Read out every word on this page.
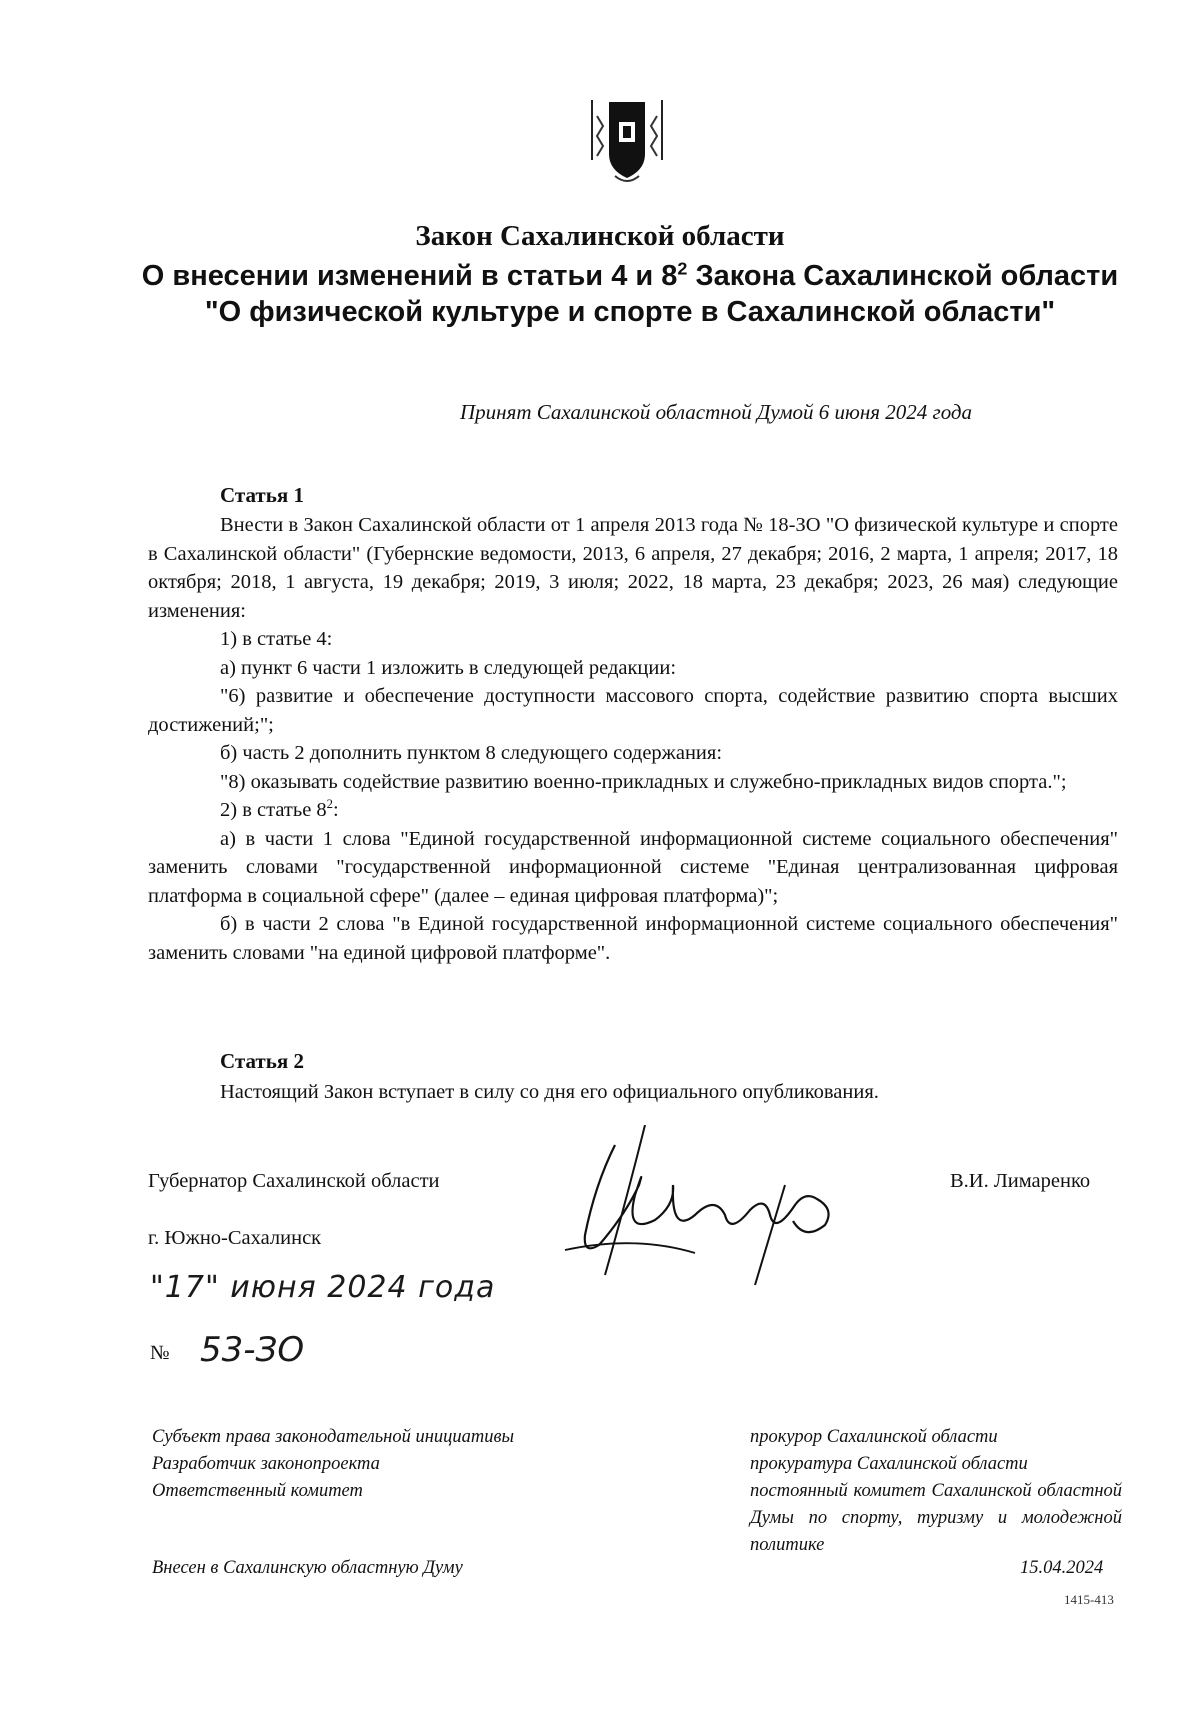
Закон Сахалинской области
О внесении изменений в статьи 4 и $8^2$ Закона Сахалинской области "О физической культуре и спорте в Сахалинской области"
Принят Сахалинской областной Думой 6 июня 2024 года
Статья 1

Внести в Закон Сахалинской области от 1 апреля 2013 года № 18-ЗО "О физической культуре и спорте в Сахалинской области" (Губернские ведомости, 2013, 6 апреля, 27 декабря; 2016, 2 марта, 1 апреля; 2017, 18 октября; 2018, 1 августа, 19 декабря; 2019, 3 июля; 2022, 18 марта, 23 декабря; 2023, 26 мая) следующие изменения:

1) в статье 4:

а) пункт 6 части 1 изложить в следующей редакции:

"6) развитие и обеспечение доступности массового спорта, содействие развитию спорта высших достижений;";

б) часть 2 дополнить пунктом 8 следующего содержания:

"8) оказывать содействие развитию военно-прикладных и служебно-прикладных видов спорта.";

2) в статье $8^2$:

а) в части 1 слова "Единой государственной информационной системе социального обеспечения" заменить словами "государственной информационной системе "Единая централизованная цифровая платформа в социальной сфере" (далее – единая цифровая платформа)";

б) в части 2 слова "в Единой государственной информационной системе социального обеспечения" заменить словами "на единой цифровой платформе".

Статья 2

Настоящий Закон вступает в силу со дня его официального опубликования.

Губернатор Сахалинской области	В.И. Лимаренко
г. Южно-Сахалинск
"17" июня 2024 года
№ 53-ЗО
Субъект права законодательной инициативы
Разработчик законопроекта
Ответственный комитет
прокурор Сахалинской области
прокуратура Сахалинской области
постоянный комитет Сахалинской областной Думы по спорту, туризму и молодежной политике
Внесен в Сахалинскую областную Думу	15.04.2024
1415-413
